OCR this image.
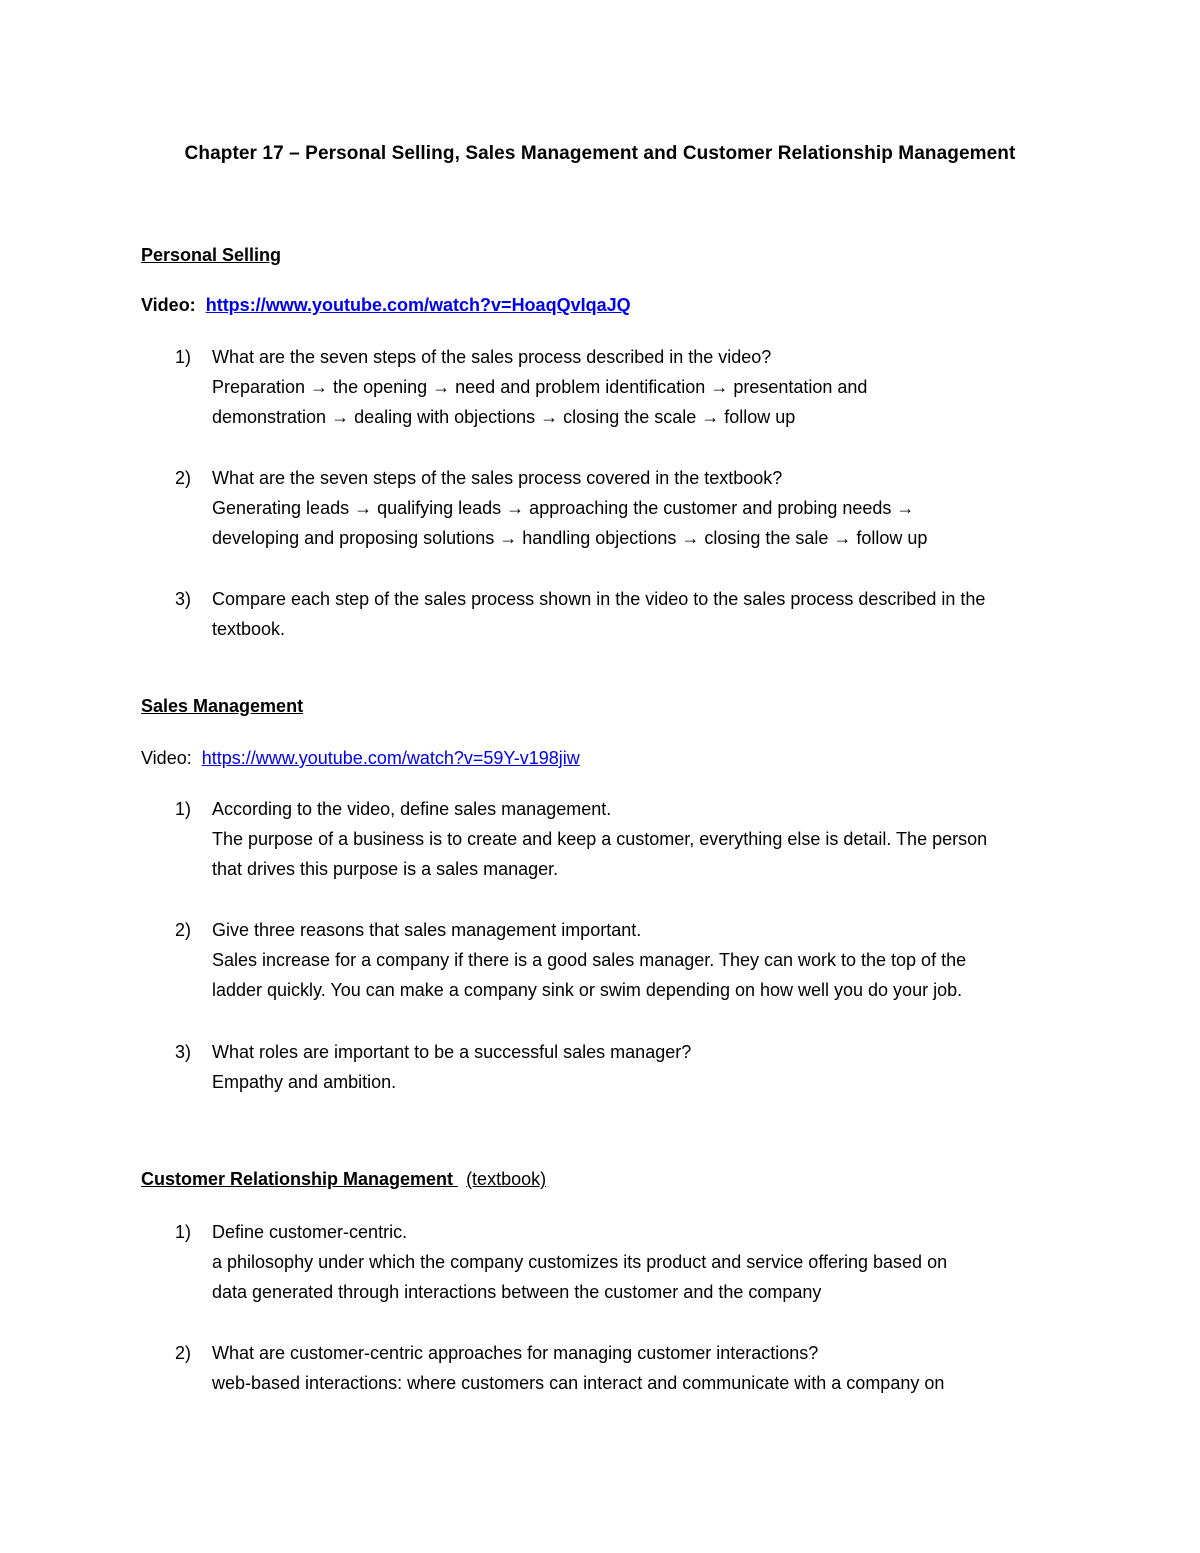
Chapter 17 – Personal Selling, Sales Management and Customer Relationship Management
Personal Selling
Video: https://www.youtube.com/watch?v=HoaqQvIqaJQ
1) What are the seven steps of the sales process described in the video?
Preparation → the opening → need and problem identification → presentation and
demonstration → dealing with objections → closing the scale → follow up
2) What are the seven steps of the sales process covered in the textbook?
Generating leads → qualifying leads → approaching the customer and probing needs →
developing and proposing solutions → handling objections → closing the sale → follow up
3) Compare each step of the sales process shown in the video to the sales process described in the
textbook.
Sales Management
Video: https://www.youtube.com/watch?v=59Y-v198jiw
1) According to the video, define sales management.
The purpose of a business is to create and keep a customer, everything else is detail. The person
that drives this purpose is a sales manager.
2) Give three reasons that sales management important.
Sales increase for a company if there is a good sales manager. They can work to the top of the
ladder quickly. You can make a company sink or swim depending on how well you do your job.
3) What roles are important to be a successful sales manager?
Empathy and ambition.
Customer Relationship Management (textbook)
1) Define customer-centric.
a philosophy under which the company customizes its product and service offering based on
data generated through interactions between the customer and the company
2) What are customer-centric approaches for managing customer interactions?
web-based interactions: where customers can interact and communicate with a company on
